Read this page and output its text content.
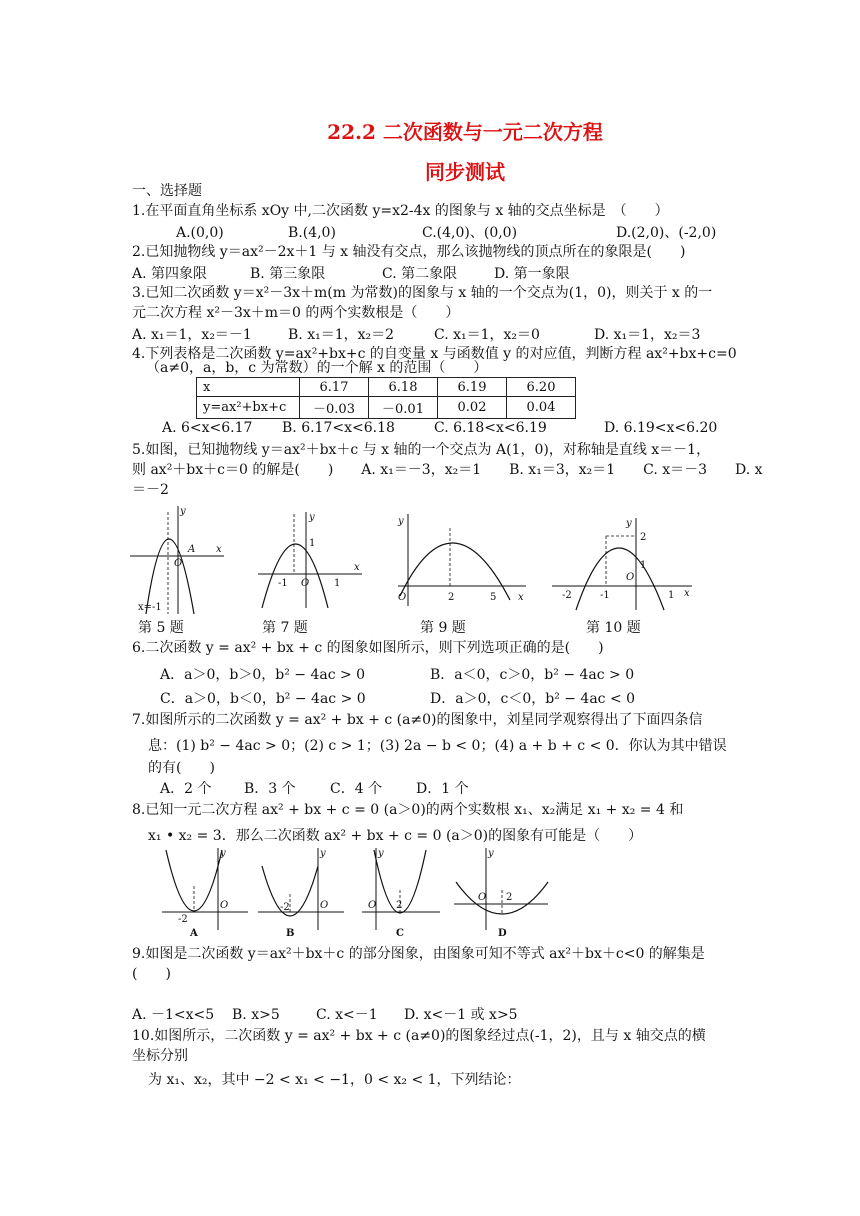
22.2 二次函数与一元二次方程
同步测试
一、选择题
1.在平面直角坐标系 xOy 中,二次函数 y=x2-4x 的图象与 x 轴的交点坐标是　（　　）
A.(0,0)	B.(4,0)	C.(4,0)、(0,0)	D.(2,0)、(-2,0)
2.已知抛物线 y＝ax²－2x＋1 与 x 轴没有交点，那么该抛物线的顶点所在的象限是(　　)
A. 第四象限	B. 第三象限	C. 第二象限	D. 第一象限
3.已知二次函数 y＝x²－3x＋m(m 为常数)的图象与 x 轴的一个交点为(1，0)，则关于 x 的一
元二次方程 x²－3x＋m＝0 的两个实数根是（　　）
A. x₁＝1，x₂＝－1	B. x₁＝1，x₂＝2	C. x₁＝1，x₂＝0	D. x₁＝1，x₂＝3
4.下列表格是二次函数 y=ax²+bx+c 的自变量 x 与函数值 y 的对应值，判断方程 ax²+bx+c=0
（a≠0，a，b，c 为常数）的一个解 x 的范围（　　）
x	6.17	6.18	6.19	6.20
y=ax²+bx+c	－0.03	－0.01	0.02	0.04
A. 6<x<6.17 B. 6.17<x<6.18	C. 6.18<x<6.19	D. 6.19<x<6.20
5.如图，已知抛物线 y＝ax²＋bx＋c 与 x 轴的一个交点为 A(1，0)，对称轴是直线 x＝－1，
则 ax²＋bx＋c＝0 的解是(　　)　　A. x₁＝－3，x₂＝1　　B. x₁＝3，x₂＝1　　C. x＝－3　　D. x
＝－2
y
x
O
A
x=-1
y
x
1
-1 O 1
y
x
O	2	5
y
x
2
1
O
-2	-1	1
第 5 题	第 7 题	第 9 题	第 10 题
6.二次函数 y = ax² + bx + c 的图象如图所示，则下列选项正确的是(　　)
A．a＞0，b＞0，b² − 4ac > 0	B．a＜0，c＞0，b² − 4ac > 0
C．a＞0，b＜0，b² − 4ac > 0	D．a＞0，c＜0，b² − 4ac < 0
7.如图所示的二次函数 y = ax² + bx + c (a≠0)的图象中，刘星同学观察得出了下面四条信
息：(1) b² − 4ac > 0；(2) c > 1；(3) 2a − b < 0；(4) a + b + c < 0．你认为其中错误
的有(　　)
A．2 个 B．3 个 C．4 个 D．1 个
8.已知一元二次方程 ax² + bx + c = 0 (a＞0)的两个实数根 x₁、x₂满足 x₁ + x₂ = 4 和
x₁ • x₂ = 3．那么二次函数 ax² + bx + c = 0 (a＞0)的图象有可能是（　　）
-2
O
y
A
-2	O
y
B
O 2
y
C
O 2
y
D
9.如图是二次函数 y＝ax²＋bx＋c 的部分图象，由图象可知不等式 ax²＋bx＋c<0 的解集是
(　　)
A. －1<x<5 B. x>5	C. x<－1 D. x<－1 或 x>5
10.如图所示，二次函数 y = ax² + bx + c (a≠0)的图象经过点(-1，2)，且与 x 轴交点的横
坐标分别
为 x₁、x₂，其中 −2 < x₁ < −1，0 < x₂ < 1，下列结论：
